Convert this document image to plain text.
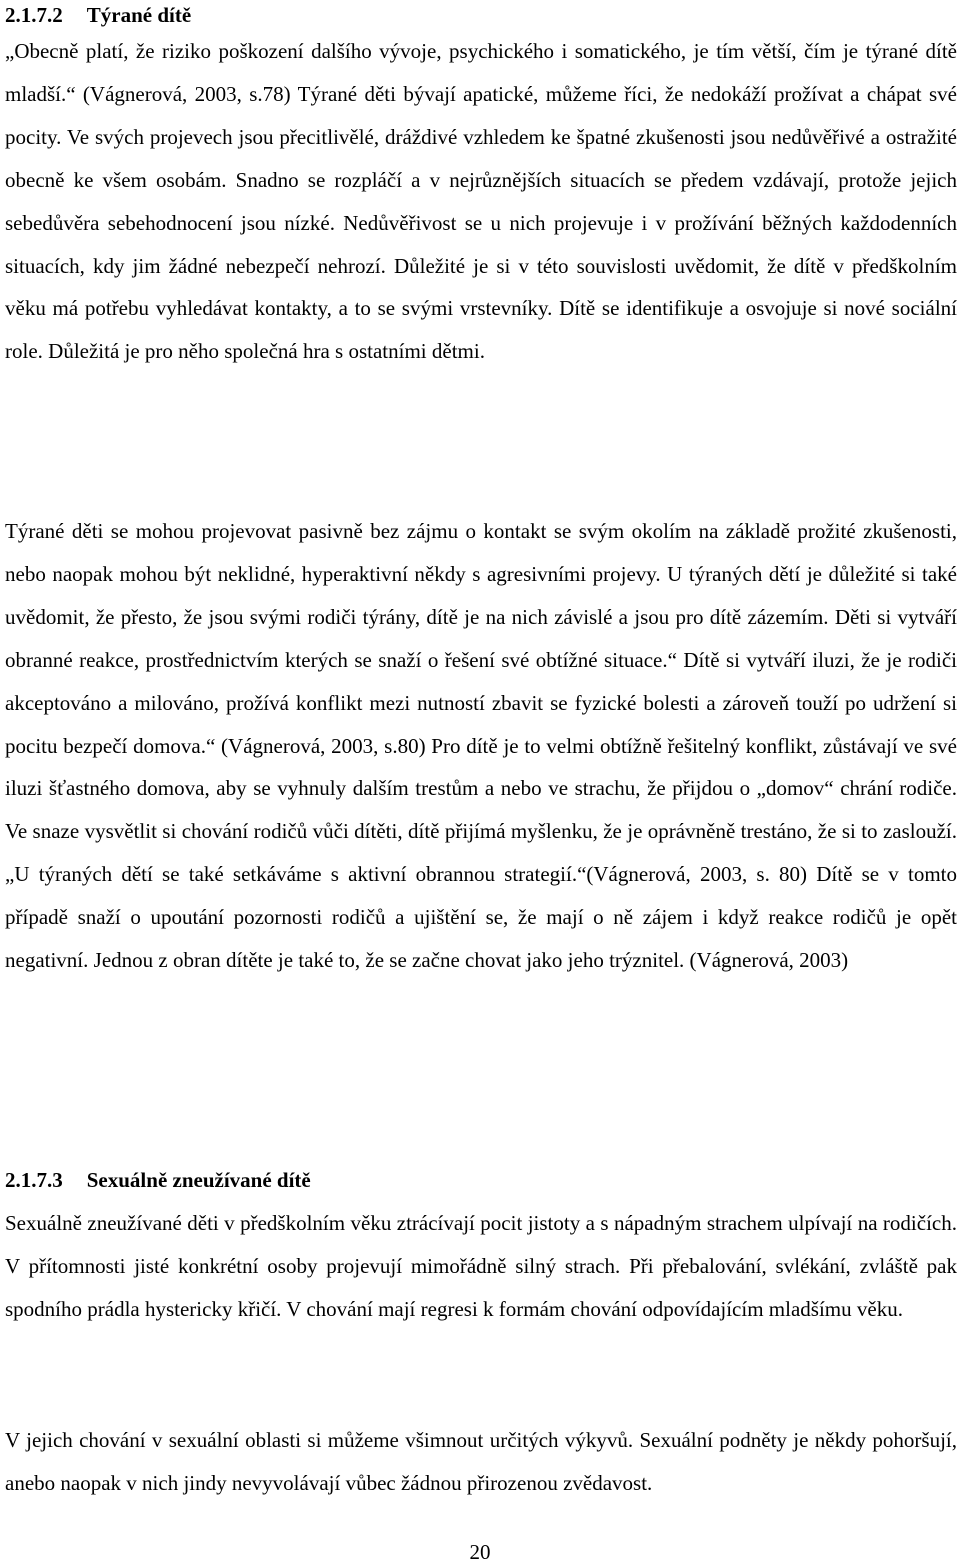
2.1.7.2 Týrané dítě

„Obecně platí, že riziko poškození dalšího vývoje, psychického i somatického, je tím větší, čím je týrané dítě mladší.“ (Vágnerová, 2003, s.78) Týrané děti bývají apatické, můžeme říci, že nedokáží prožívat a chápat své pocity. Ve svých projevech jsou přecitlivělé, dráždivé vzhledem ke špatné zkušenosti jsou nedůvěřivé a ostražité obecně ke všem osobám. Snadno se rozpláčí a v nejrůznějších situacích se předem vzdávají, protože jejich sebedůvěra sebehodnocení jsou nízké. Nedůvěřivost se u nich projevuje i v prožívání běžných každodenních situacích, kdy jim žádné nebezpečí nehrozí. Důležité je si v této souvislosti uvědomit, že dítě v předškolním věku má potřebu vyhledávat kontakty, a to se svými vrstevníky. Dítě se identifikuje a osvojuje si nové sociální role. Důležitá je pro něho společná hra s ostatními dětmi.

Týrané děti se mohou projevovat pasivně bez zájmu o kontakt se svým okolím na základě prožité zkušenosti, nebo naopak mohou být neklidné, hyperaktivní někdy s agresivními projevy. U týraných dětí je důležité si také uvědomit, že přesto, že jsou svými rodiči týrány, dítě je na nich závislé a jsou pro dítě zázemím. Děti si vytváří obranné reakce, prostřednictvím kterých se snaží o řešení své obtížné situace.“ Dítě si vytváří iluzi, že je rodiči akceptováno a milováno, prožívá konflikt mezi nutností zbavit se fyzické bolesti a zároveň touží po udržení si pocitu bezpečí domova.“ (Vágnerová, 2003, s.80) Pro dítě je to velmi obtížně řešitelný konflikt, zůstávají ve své iluzi šťastného domova, aby se vyhnuly dalším trestům a nebo ve strachu, že přijdou o „domov“ chrání rodiče. Ve snaze vysvětlit si chování rodičů vůči dítěti, dítě přijímá myšlenku, že je oprávněně trestáno, že si to zaslouží. „U týraných dětí se také setkáváme s aktivní obrannou strategií.“(Vágnerová, 2003, s. 80) Dítě se v tomto případě snaží o upoutání pozornosti rodičů a ujištění se, že mají o ně zájem i když reakce rodičů je opět negativní. Jednou z obran dítěte je také to, že se začne chovat jako jeho trýznitel. (Vágnerová, 2003)

2.1.7.3 Sexuálně zneužívané dítě

Sexuálně zneužívané děti v předškolním věku ztrácívají pocit jistoty a s nápadným strachem ulpívají na rodičích. V přítomnosti jisté konkrétní osoby projevují mimořádně silný strach. Při přebalování, svlékání, zvláště pak spodního prádla hystericky křičí. V chování mají regresi k formám chování odpovídajícím mladšímu věku.

V jejich chování v sexuální oblasti si můžeme všimnout určitých výkyvů. Sexuální podněty je někdy pohoršují, anebo naopak v nich jindy nevyvolávají vůbec žádnou přirozenou zvědavost.

20
